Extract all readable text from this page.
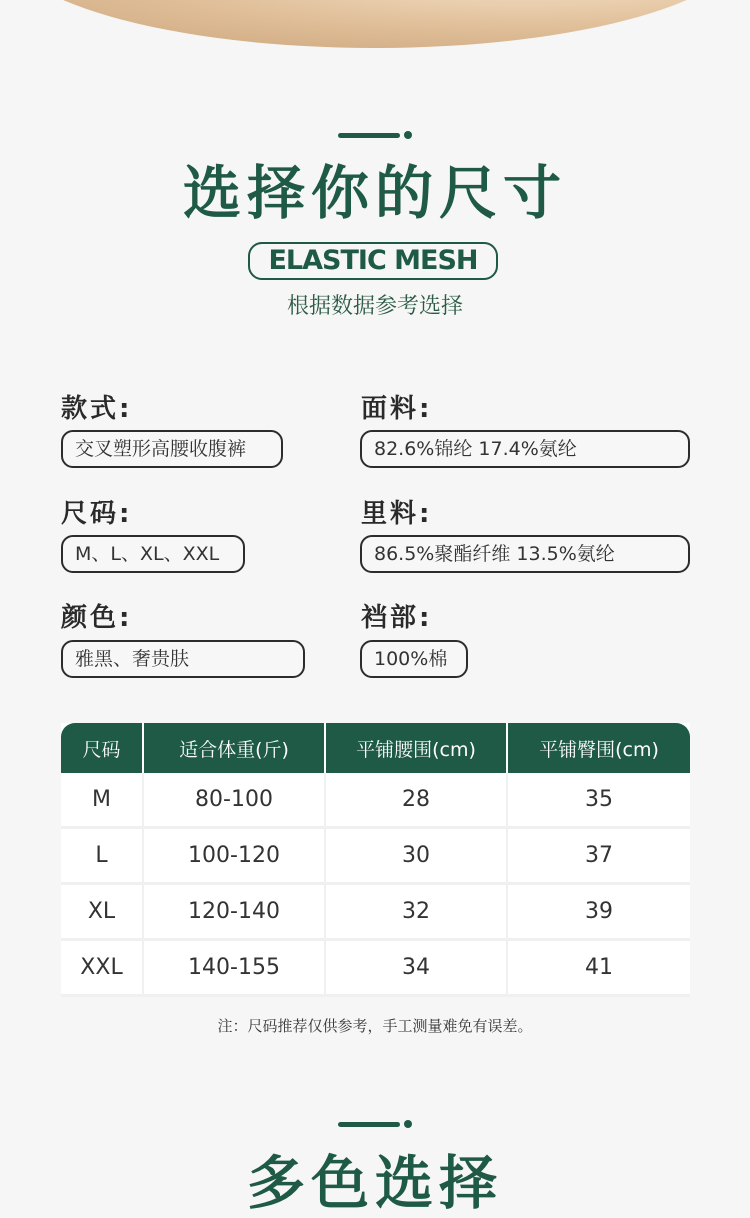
选择你的尺寸
ELASTIC MESH
根据数据参考选择
款式:
交叉塑形高腰收腹裤
面料:
82.6%锦纶 17.4%氨纶
尺码:
M、L、XL、XXL
里料:
86.5%聚酯纤维 13.5%氨纶
颜色:
雅黑、奢贵肤
裆部:
100%棉
尺码	适合体重(斤)	平铺腰围(cm)	平铺臀围(cm)
M	80-100	28	35
L	100-120	30	37
XL	120-140	32	39
XXL	140-155	34	41
注：尺码推荐仅供参考，手工测量难免有误差。
多色选择
